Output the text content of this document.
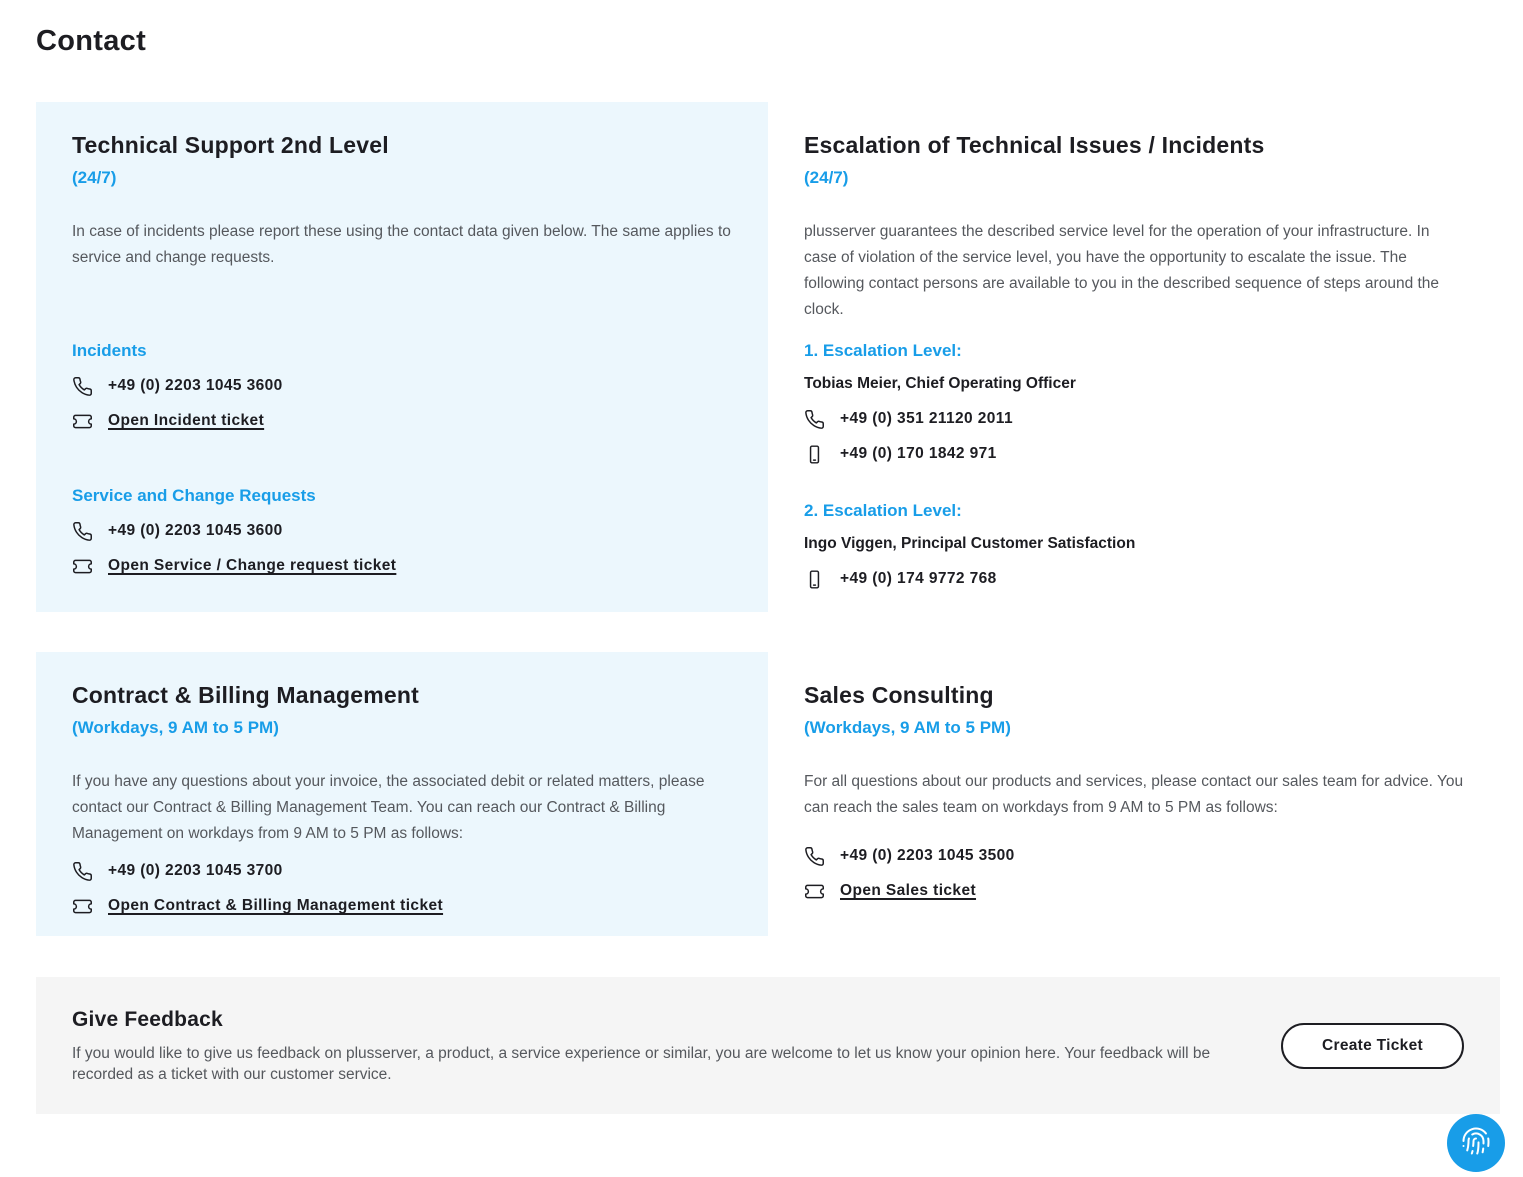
Contact
Technical Support 2nd Level
(24/7)

In case of incidents please report these using the contact data given below. The same applies to service and change requests.

Incidents
+49 (0) 2203 1045 3600
Open Incident ticket
Service and Change Requests
+49 (0) 2203 1045 3600
Open Service / Change request ticket
Escalation of Technical Issues / Incidents
(24/7)

plusserver guarantees the described service level for the operation of your infrastructure. In case of violation of the service level, you have the opportunity to escalate the issue. The following contact persons are available to you in the described sequence of steps around the clock.

1. Escalation Level:
Tobias Meier, Chief Operating Officer
+49 (0) 351 21120 2011
+49 (0) 170 1842 971
2. Escalation Level:
Ingo Viggen, Principal Customer Satisfaction
+49 (0) 174 9772 768
Contract & Billing Management
(Workdays, 9 AM to 5 PM)

If you have any questions about your invoice, the associated debit or related matters, please contact our Contract & Billing Management Team. You can reach our Contract & Billing Management on workdays from 9 AM to 5 PM as follows:

+49 (0) 2203 1045 3700
Open Contract & Billing Management ticket
Sales Consulting
(Workdays, 9 AM to 5 PM)

For all questions about our products and services, please contact our sales team for advice. You can reach the sales team on workdays from 9 AM to 5 PM as follows:

+49 (0) 2203 1045 3500
Open Sales ticket
Give Feedback

If you would like to give us feedback on plusserver, a product, a service experience or similar, you are welcome to let us know your opinion here. Your feedback will be recorded as a ticket with our customer service.

Create Ticket
